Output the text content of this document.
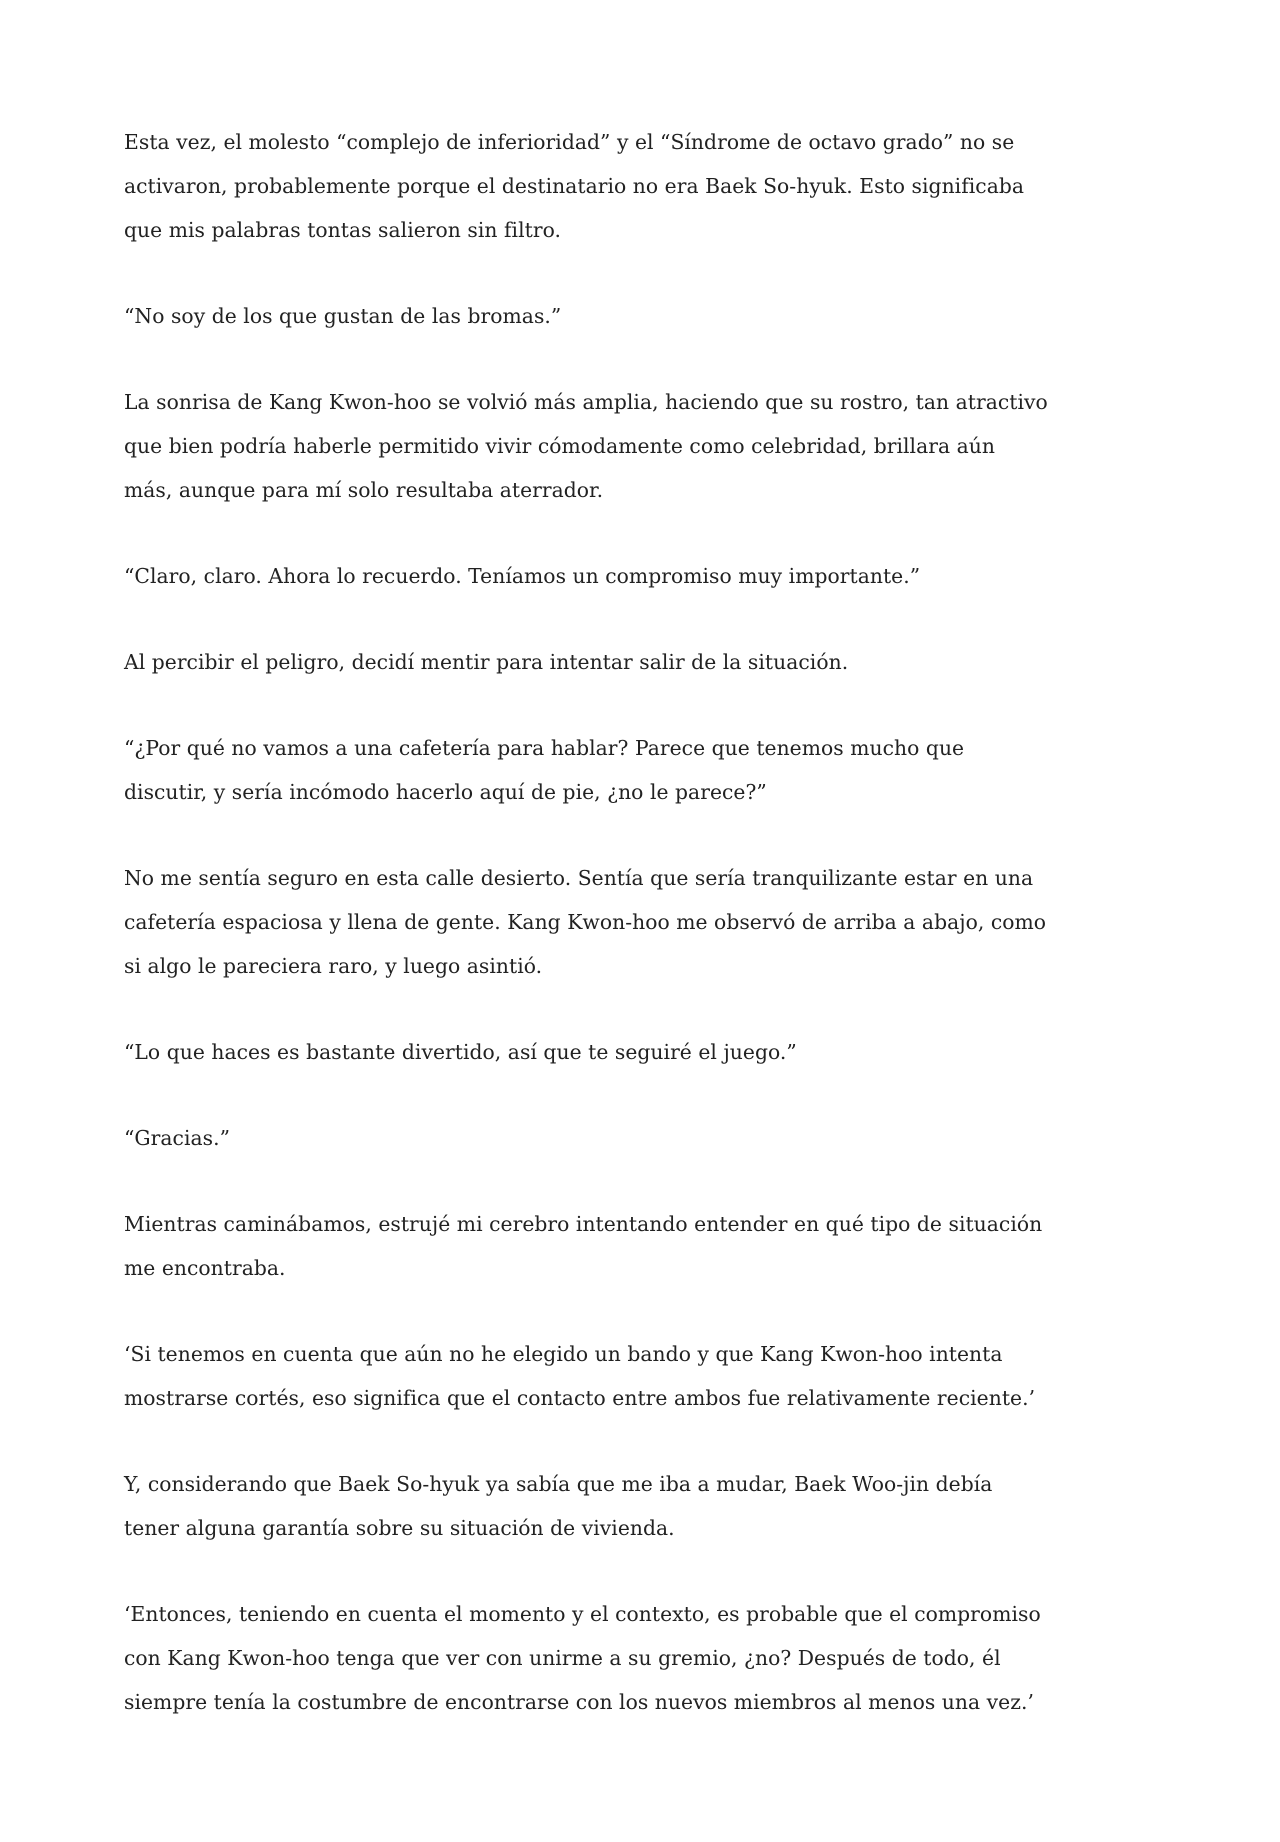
Esta vez, el molesto “complejo de inferioridad” y el “Síndrome de octavo grado” no se
activaron, probablemente porque el destinatario no era Baek So-hyuk. Esto significaba
que mis palabras tontas salieron sin filtro.

“No soy de los que gustan de las bromas.”

La sonrisa de Kang Kwon-hoo se volvió más amplia, haciendo que su rostro, tan atractivo
que bien podría haberle permitido vivir cómodamente como celebridad, brillara aún
más, aunque para mí solo resultaba aterrador.

“Claro, claro. Ahora lo recuerdo. Teníamos un compromiso muy importante.”

Al percibir el peligro, decidí mentir para intentar salir de la situación.

“¿Por qué no vamos a una cafetería para hablar? Parece que tenemos mucho que
discutir, y sería incómodo hacerlo aquí de pie, ¿no le parece?”

No me sentía seguro en esta calle desierto. Sentía que sería tranquilizante estar en una
cafetería espaciosa y llena de gente. Kang Kwon-hoo me observó de arriba a abajo, como
si algo le pareciera raro, y luego asintió.

“Lo que haces es bastante divertido, así que te seguiré el juego.”

“Gracias.”

Mientras caminábamos, estrujé mi cerebro intentando entender en qué tipo de situación
me encontraba.

‘Si tenemos en cuenta que aún no he elegido un bando y que Kang Kwon-hoo intenta
mostrarse cortés, eso significa que el contacto entre ambos fue relativamente reciente.’

Y, considerando que Baek So-hyuk ya sabía que me iba a mudar, Baek Woo-jin debía
tener alguna garantía sobre su situación de vivienda.

‘Entonces, teniendo en cuenta el momento y el contexto, es probable que el compromiso
con Kang Kwon-hoo tenga que ver con unirme a su gremio, ¿no? Después de todo, él
siempre tenía la costumbre de encontrarse con los nuevos miembros al menos una vez.’
